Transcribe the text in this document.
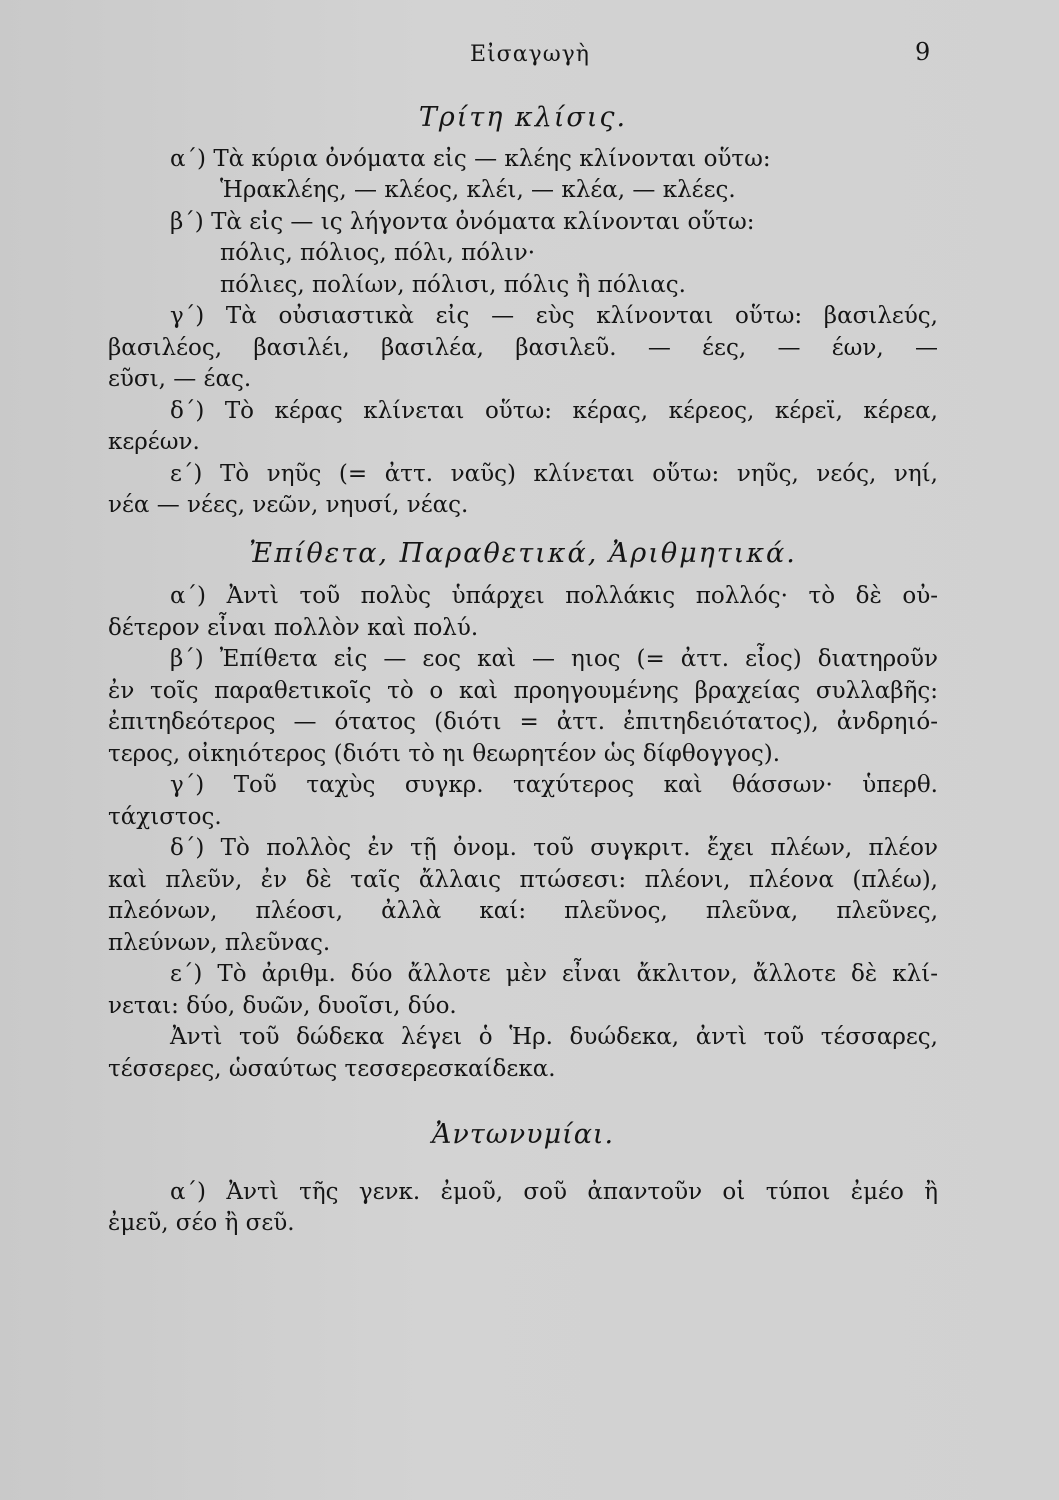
Εἰσαγωγὴ	9

Τρίτη κλίσις.

α΄) Τὰ κύρια ὀνόματα εἰς — κλέης κλίνονται οὕτω:

Ἡρακλέης, — κλέος, κλέι, — κλέα, — κλέες.

β΄) Τὰ εἰς — ις λήγοντα ὀνόματα κλίνονται οὕτω:

πόλις, πόλιος, πόλι, πόλιν·

πόλιες, πολίων, πόλισι, πόλις ἢ πόλιας.

γ΄) Τὰ οὐσιαστικὰ εἰς — εὺς κλίνονται οὕτω: βασιλεύς,

βασιλέος, βασιλέι, βασιλέα, βασιλεῦ. — έες, — έων, —

εῦσι, — έας.

δ΄) Τὸ κέρας κλίνεται οὕτω: κέρας, κέρεος, κέρεϊ, κέρεα,

κερέων.

ε΄) Τὸ νηῦς (= ἀττ. ναῦς) κλίνεται οὕτω: νηῦς, νεός, νηί,

νέα — νέες, νεῶν, νηυσί, νέας.

Ἐπίθετα, Παραθετικά, Ἀριθμητικά.

α΄) Ἀντὶ τοῦ πολὺς ὑπάρχει πολλάκις πολλός· τὸ δὲ οὐ-

δέτερον εἶναι πολλὸν καὶ πολύ.

β΄) Ἐπίθετα εἰς — εος καὶ — ηιος (= ἀττ. εἶος) διατηροῦν

ἐν τοῖς παραθετικοῖς τὸ ο καὶ προηγουμένης βραχείας συλλαβῆς:

ἐπιτηδεότερος — ότατος (διότι = ἀττ. ἐπιτηδειότατος), ἀνδρηιό-

τερος, οἰκηιότερος (διότι τὸ ηι θεωρητέον ὡς δίφθογγος).

γ΄) Τοῦ ταχὺς συγκρ. ταχύτερος καὶ θάσσων· ὑπερθ.

τάχιστος.

δ΄) Τὸ πολλὸς ἐν τῇ ὀνομ. τοῦ συγκριτ. ἔχει πλέων, πλέον

καὶ πλεῦν, ἐν δὲ ταῖς ἄλλαις πτώσεσι: πλέονι, πλέονα (πλέω),

πλεόνων, πλέοσι, ἀλλὰ καί: πλεῦνος, πλεῦνα, πλεῦνες,

πλεύνων, πλεῦνας.

ε΄) Τὸ ἀριθμ. δύο ἄλλοτε μὲν εἶναι ἄκλιτον, ἄλλοτε δὲ κλί-

νεται: δύο, δυῶν, δυοῖσι, δύο.

Ἀντὶ τοῦ δώδεκα λέγει ὁ Ἡρ. δυώδεκα, ἀντὶ τοῦ τέσσαρες,

τέσσερες, ὡσαύτως τεσσερεσκαίδεκα.

Ἀντωνυμίαι.

α΄) Ἀντὶ τῆς γενκ. ἐμοῦ, σοῦ ἀπαντοῦν οἱ τύποι ἐμέο ἢ

ἐμεῦ, σέο ἢ σεῦ.
